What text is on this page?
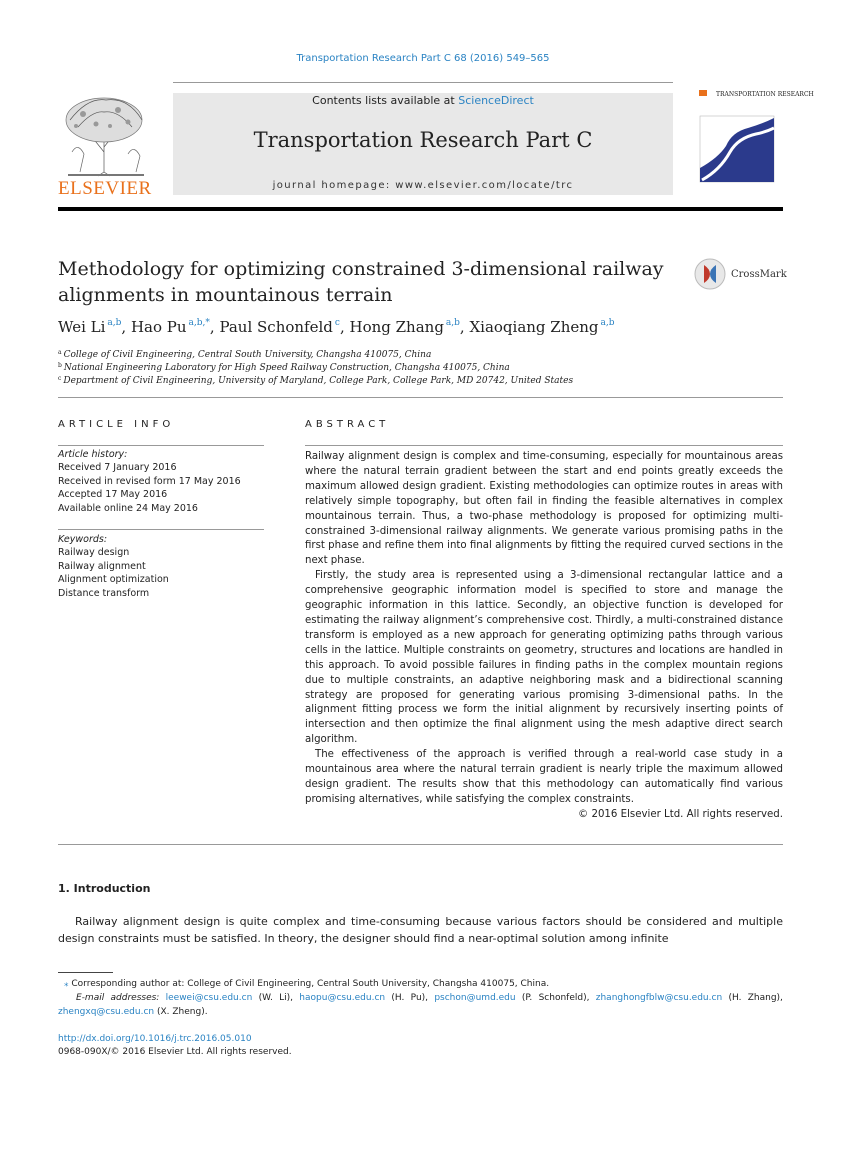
Transportation Research Part C 68 (2016) 549–565
ELSEVIER
Contents lists available at ScienceDirect
Transportation Research Part C
journal homepage: www.elsevier.com/locate/trc
TRANSPORTATION RESEARCH
Methodology for optimizing constrained 3-dimensional railway alignments in mountainous terrain
CrossMark
Wei Li $^{a,b}$, Hao Pu $^{a,b,*}$, Paul Schonfeld $^c$, Hong Zhang $^{a,b}$, Xiaoqiang Zheng $^{a,b}$
$^a$ College of Civil Engineering, Central South University, Changsha 410075, China
$^b$ National Engineering Laboratory for High Speed Railway Construction, Changsha 410075, China
$^c$ Department of Civil Engineering, University of Maryland, College Park, College Park, MD 20742, United States
ARTICLE INFO	ABSTRACT
Article history:
Received 7 January 2016
Received in revised form 17 May 2016
Accepted 17 May 2016
Available online 24 May 2016
Keywords:
Railway design
Railway alignment
Alignment optimization
Distance transform

Railway alignment design is complex and time-consuming, especially for mountainous areas where the natural terrain gradient between the start and end points greatly exceeds the maximum allowed design gradient. Existing methodologies can optimize routes in areas with relatively simple topography, but often fail in finding the feasible alternatives in complex mountainous terrain. Thus, a two-phase methodology is proposed for optimizing multi-constrained 3-dimensional railway alignments. We generate various promising paths in the first phase and refine them into final alignments by fitting the required curved sections in the next phase.

Firstly, the study area is represented using a 3-dimensional rectangular lattice and a comprehensive geographic information model is specified to store and manage the geographic information in this lattice. Secondly, an objective function is developed for estimating the railway alignment’s comprehensive cost. Thirdly, a multi-constrained distance transform is employed as a new approach for generating optimizing paths through various cells in the lattice. Multiple constraints on geometry, structures and locations are handled in this approach. To avoid possible failures in finding paths in the complex mountain regions due to multiple constraints, an adaptive neighboring mask and a bidirectional scanning strategy are proposed for generating various promising 3-dimensional paths. In the alignment fitting process we form the initial alignment by recursively inserting points of intersection and then optimize the final alignment using the mesh adaptive direct search algorithm.

The effectiveness of the approach is verified through a real-world case study in a mountainous area where the natural terrain gradient is nearly triple the maximum allowed design gradient. The results show that this methodology can automatically find various promising alternatives, while satisfying the complex constraints.

© 2016 Elsevier Ltd. All rights reserved.

1. Introduction
Railway alignment design is quite complex and time-consuming because various factors should be considered and multiple design constraints must be satisfied. In theory, the designer should find a near-optimal solution among infinite
⁎ Corresponding author at: College of Civil Engineering, Central South University, Changsha 410075, China.
E-mail addresses: leewei@csu.edu.cn (W. Li), haopu@csu.edu.cn (H. Pu), pschon@umd.edu (P. Schonfeld), zhanghongfblw@csu.edu.cn (H. Zhang), zhengxq@csu.edu.cn (X. Zheng).
http://dx.doi.org/10.1016/j.trc.2016.05.010
0968-090X/© 2016 Elsevier Ltd. All rights reserved.
